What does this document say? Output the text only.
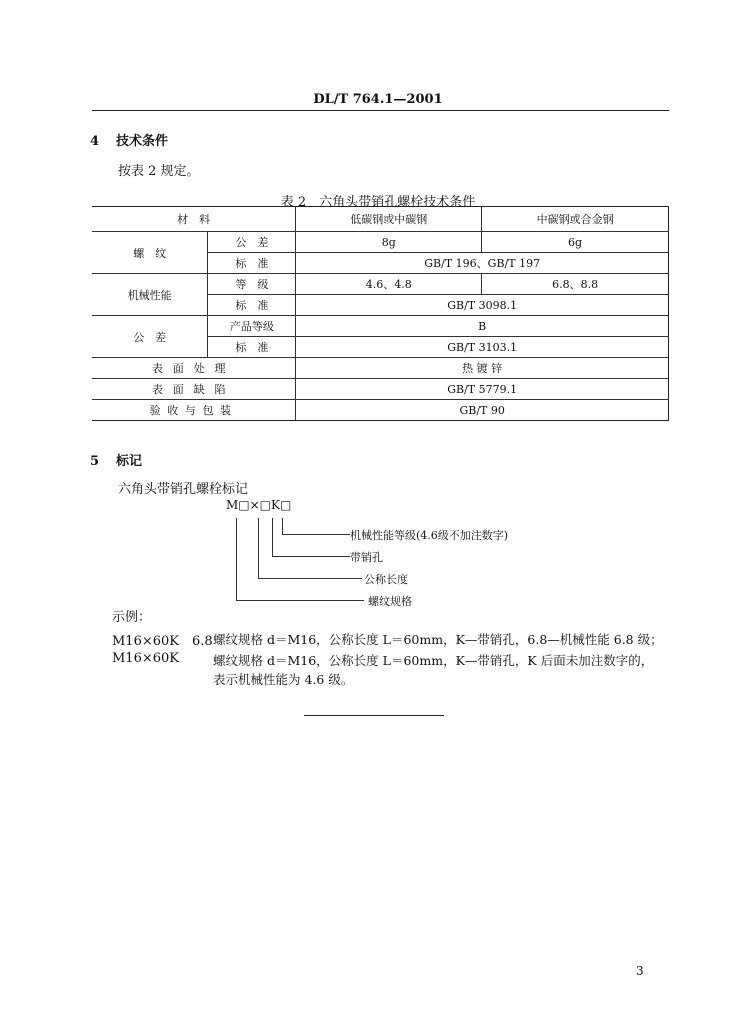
DL/T 764.1—2001
4 技术条件
按表 2 规定。
表 2　六角头带销孔螺栓技术条件
材　料		低碳钢或中碳钢	中碳钢或合金钢
螺　纹	公　差	8g	6g
	标　准	GB/T 196、GB/T 197	
机械性能	等　级	4.6、4.8	6.8、8.8
	标　准	GB/T 3098.1	
公　差	产品等级	B	
	标　准	GB/T 3103.1	
表面处理		热 镀 锌	
表面缺陷		GB/T 5779.1	
验收与包装		GB/T 90	
5 标记
六角头带销孔螺栓标记
M□×□K□
机械性能等级(4.6级不加注数字)
带销孔
公称长度
螺纹规格
示例：
M16×60K　6.8 螺纹规格 d＝M16，公称长度 L＝60mm，K—带销孔，6.8—机械性能 6.8 级；
M16×60K	螺纹规格 d＝M16，公称长度 L＝60mm，K—带销孔，K 后面未加注数字的，
表示机械性能为 4.6 级。
3
